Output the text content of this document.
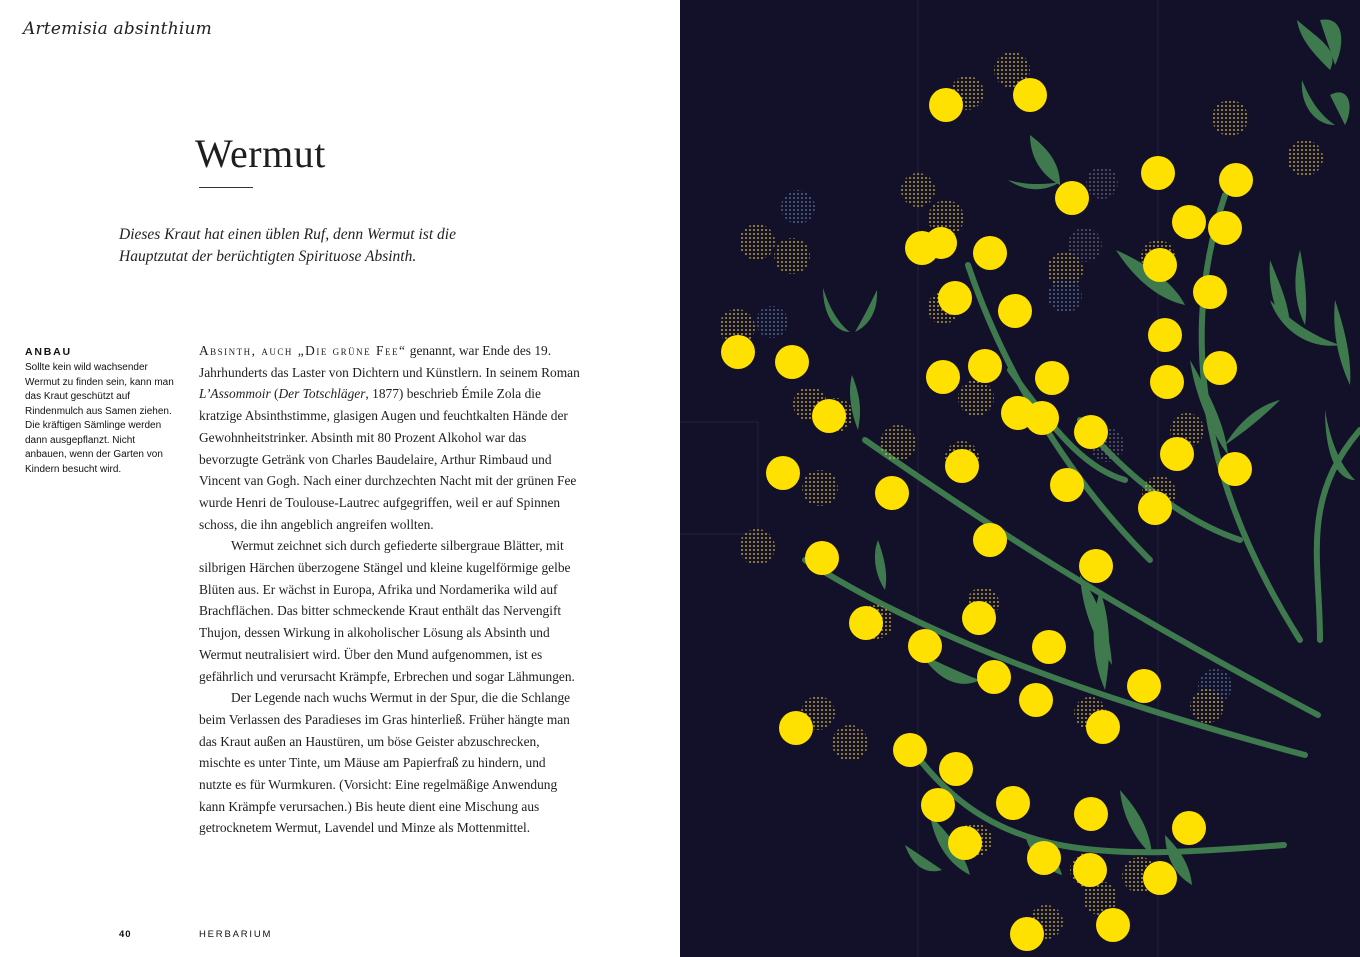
Artemisia absinthium
Wermut
Dieses Kraut hat einen üblen Ruf, denn Wermut ist die Hauptzutat der berüchtigten Spirituose Absinth.
ANBAU
Sollte kein wild wachsender Wermut zu finden sein, kann man das Kraut geschützt auf Rindenmulch aus Samen ziehen. Die kräftigen Sämlinge werden dann ausgepflanzt. Nicht anbauen, wenn der Garten von Kindern besucht wird.

Absinth, auch „Die grüne Fee“ genannt, war Ende des 19. Jahrhunderts das Laster von Dichtern und Künstlern. In seinem Roman L’Assommoir (Der Totschläger, 1877) beschrieb Émile Zola die kratzige Absinthstimme, glasigen Augen und feuchtkalten Hände der Gewohnheitstrinker. Absinth mit 80 Prozent Alkohol war das bevorzugte Getränk von Charles Baudelaire, Arthur Rimbaud und Vincent van Gogh. Nach einer durchzechten Nacht mit der grünen Fee wurde Henri de Toulouse-Lautrec aufgegriffen, weil er auf Spinnen schoss, die ihn angeblich angreifen wollten.

Wermut zeichnet sich durch gefiederte silbergraue Blätter, mit silbrigen Härchen überzogene Stängel und kleine kugelförmige gelbe Blüten aus. Er wächst in Europa, Afrika und Nordamerika wild auf Brachflächen. Das bitter schmeckende Kraut enthält das Nervengift Thujon, dessen Wirkung in alkoholischer Lösung als Absinth und Wermut neutralisiert wird. Über den Mund aufgenommen, ist es gefährlich und verursacht Krämpfe, Erbrechen und sogar Lähmungen.

Der Legende nach wuchs Wermut in der Spur, die die Schlange beim Verlassen des Paradieses im Gras hinterließ. Früher hängte man das Kraut außen an Haustüren, um böse Geister abzuschrecken, mischte es unter Tinte, um Mäuse am Papierfraß zu hindern, und nutzte es für Wurmkuren. (Vorsicht: Eine regelmäßige Anwendung kann Krämpfe verursachen.) Bis heute dient eine Mischung aus getrocknetem Wermut, Lavendel und Minze als Mottenmittel.

40	HERBARIUM
